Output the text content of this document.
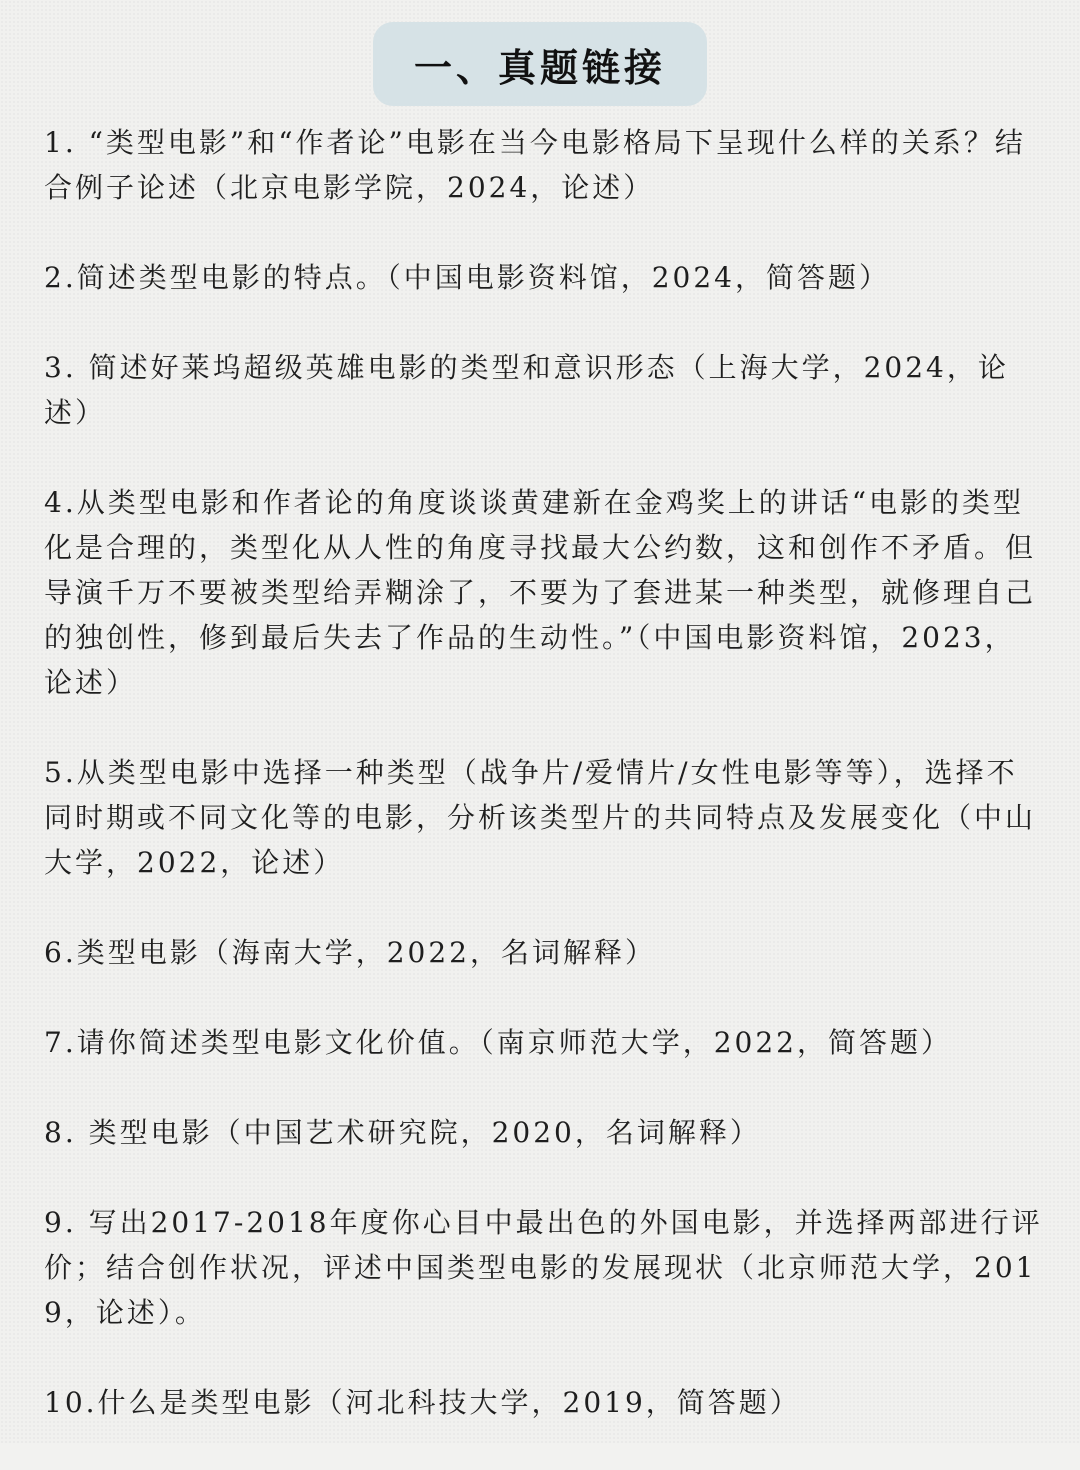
一、真题链接
1. “类型电影”和“作者论”电影在当今电影格局下呈现什么样的关系？结合例子论述（北京电影学院，2024，论述）
2.简述类型电影的特点。（中国电影资料馆，2024，简答题）
3. 简述好莱坞超级英雄电影的类型和意识形态（上海大学，2024，论述）
4.从类型电影和作者论的角度谈谈黄建新在金鸡奖上的讲话“电影的类型化是合理的，类型化从人性的角度寻找最大公约数，这和创作不矛盾。但导演千万不要被类型给弄糊涂了，不要为了套进某一种类型，就修理自己的独创性，修到最后失去了作品的生动性。”（中国电影资料馆，2023，论述）
5.从类型电影中选择一种类型（战争片/爱情片/女性电影等等），选择不同时期或不同文化等的电影，分析该类型片的共同特点及发展变化（中山大学，2022，论述）
6.类型电影（海南大学，2022，名词解释）
7.请你简述类型电影文化价值。（南京师范大学，2022，简答题）
8. 类型电影（中国艺术研究院，2020，名词解释）
9. 写出2017-2018年度你心目中最出色的外国电影，并选择两部进行评价；结合创作状况，评述中国类型电影的发展现状（北京师范大学，2019，论述）。
10.什么是类型电影（河北科技大学，2019，简答题）
